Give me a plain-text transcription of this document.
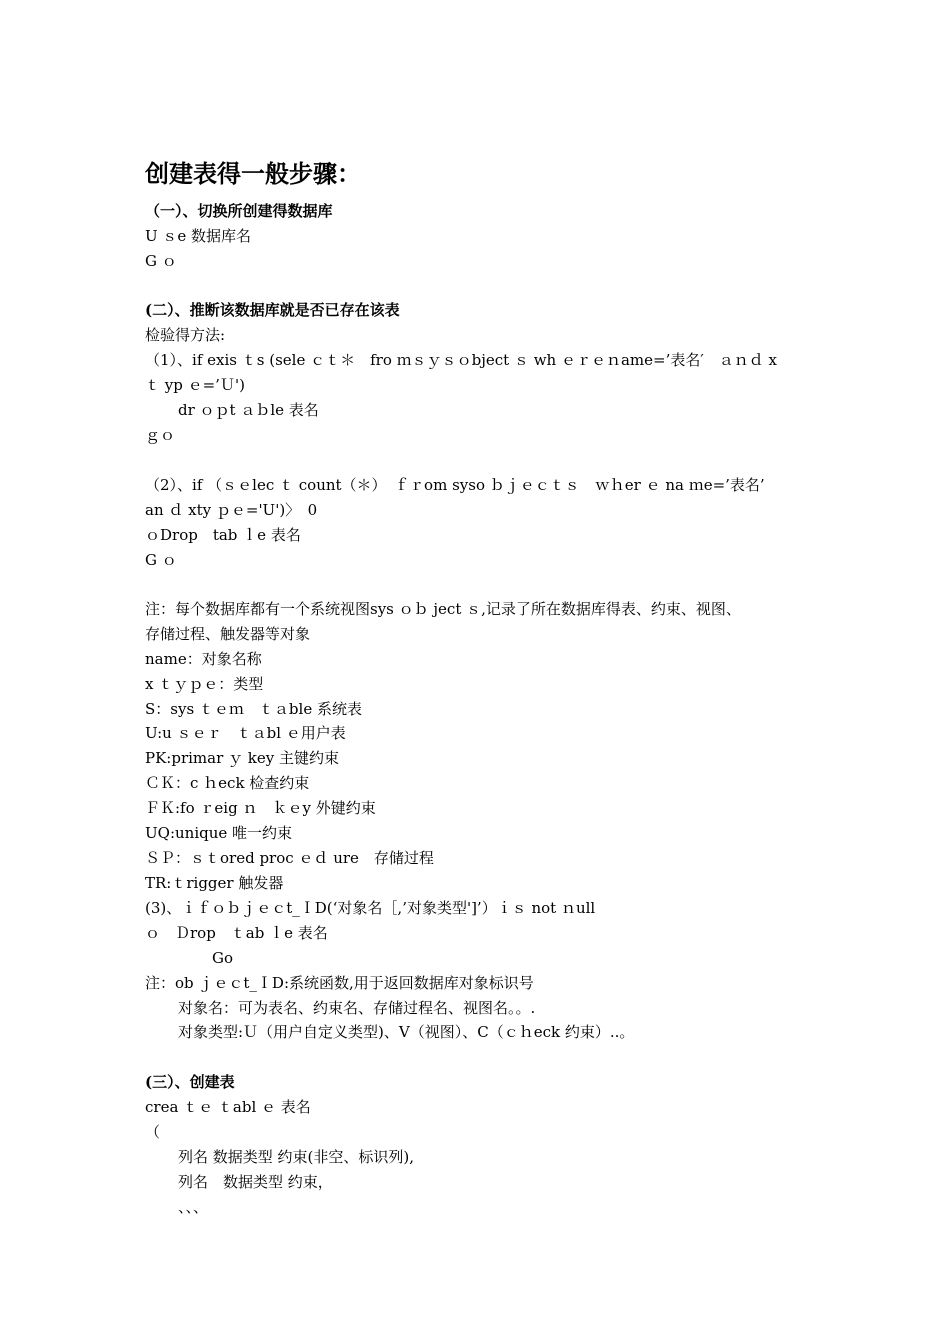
创建表得一般步骤：
（一）、切换所创建得数据库
U ｓe 数据库名
G ｏ
(二）、推断该数据库就是否已存在该表
检验得方法:
（1）、if exis ｔs (sele ｃｔ＊　fro ｍｓｙｓｏbject ｓ wh ｅｒｅｎame=’表名′　ａｎｄ x
ｔ yp ｅ=’Ｕ')
dr ｏｐt ａｂle 表名
ｇｏ
（2）、if （ｓｅlec ｔ count（＊）　ｆｒom syso ｂｊｅｃｔｓ　ｗｈer ｅ na ｍe=’表名’
an ｄ xty ｐｅ='U')〉　0
ｏDrop　tab ｌe 表名
G ｏ
注：每个数据库都有一个系统视图sys ｏｂ ject ｓ,记录了所在数据库得表、约束、视图、
存储过程、触发器等对象
name：对象名称
x ｔｙｐｅ：类型
S：sys ｔｅｍ　ｔａble 系统表
U:u ｓｅｒ　ｔａbl ｅ用户表
PK:primar ｙ key 主键约束
ＣＫ：c ｈeck 检查约束
ＦＫ:fo ｒeig ｎ　ｋｅy 外键约束
UQ:unique 唯一约束
ＳＰ：ｓｔored proc ｅｄ ure　存储过程
TR:ｔrigger 触发器
(3)、ｉｆｏｂｊｅｃt_ＩD(‘对象名［,’对象类型']’）ｉｓ not ｎull
ｏ　Ｄrop　ｔab ｌe 表名
Go
注：ob ｊｅｃt_ＩD:系统函数,用于返回数据库对象标识号
对象名：可为表名、约束名、存储过程名、视图名。。.
对象类型:Ｕ（用户自定义类型)、V（视图）、C（ｃｈeck 约束）..。
(三）、创建表
crea ｔｅ ｔabl ｅ 表名
（
列名 数据类型 约束(非空、标识列),
列名　数据类型 约束，
、、、
